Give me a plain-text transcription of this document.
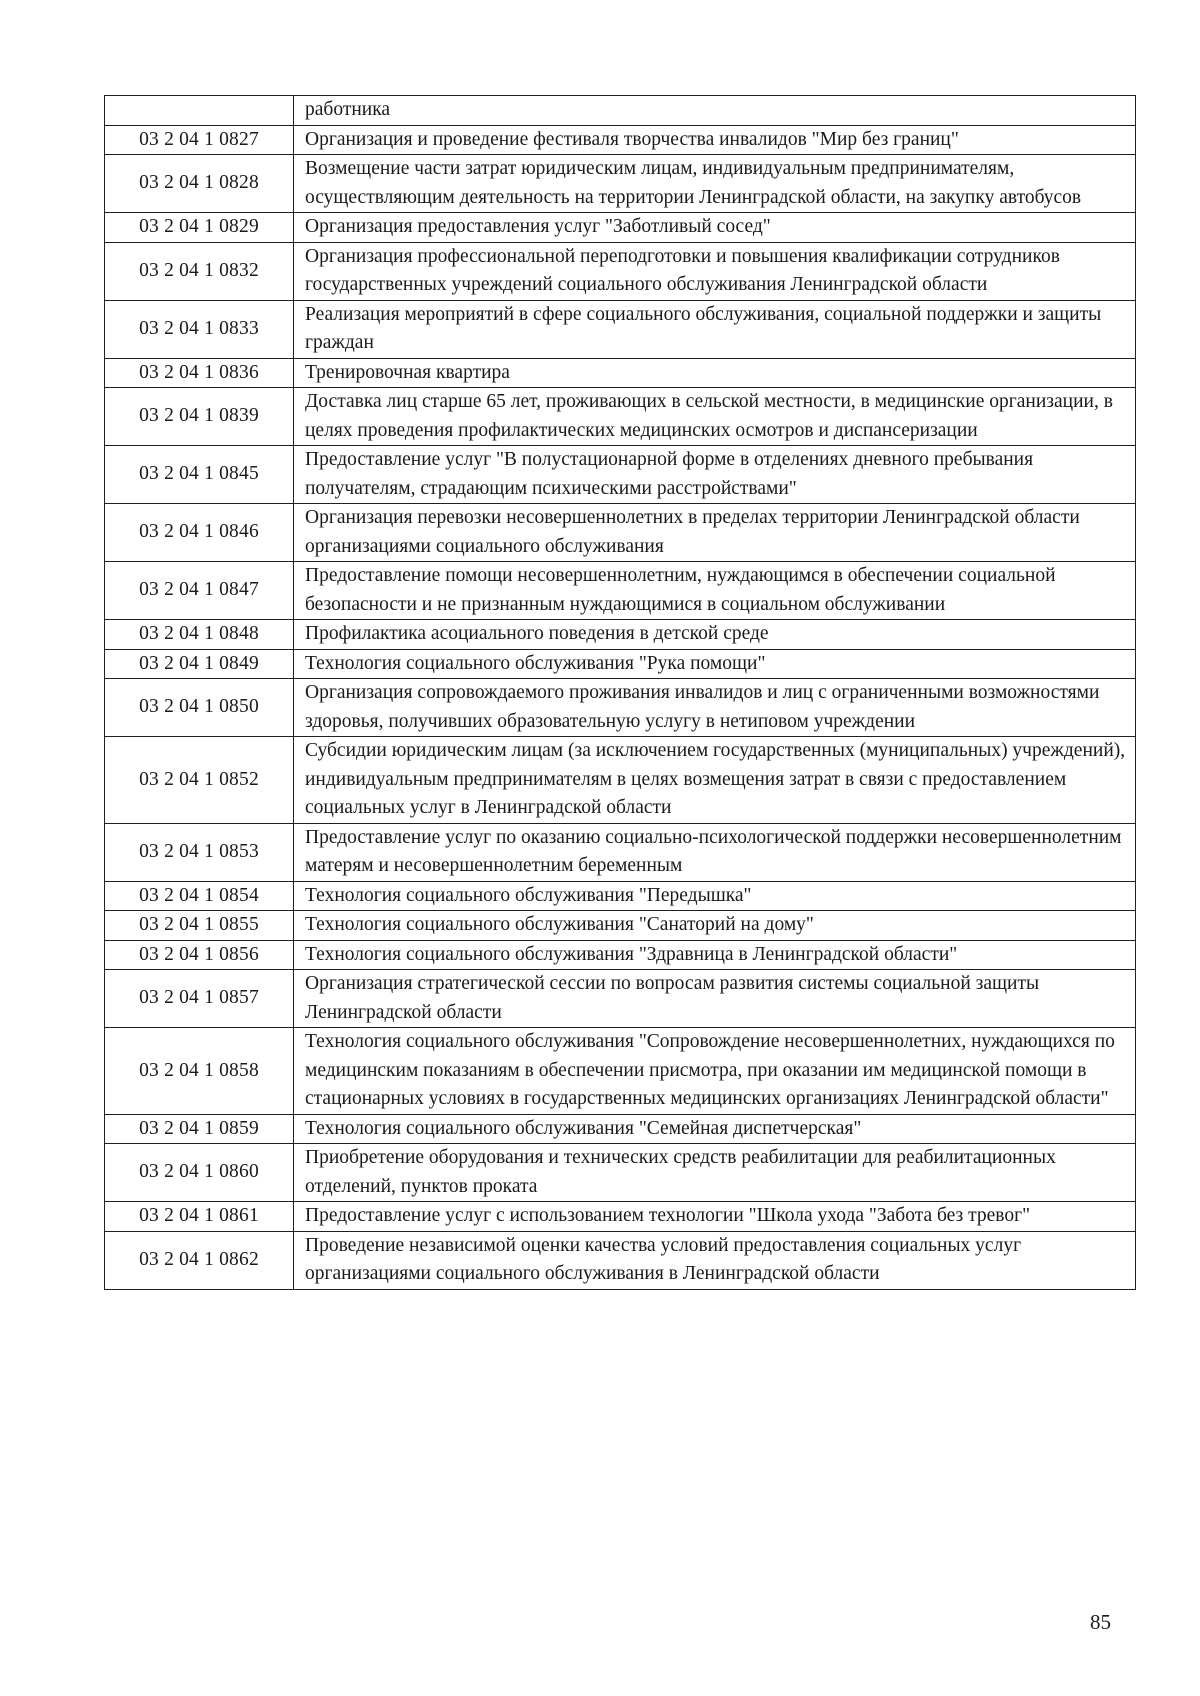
	работника
03 2 04 1 0827	Организация и проведение фестиваля творчества инвалидов "Мир без границ"
03 2 04 1 0828	Возмещение части затрат юридическим лицам, индивидуальным предпринимателям, осуществляющим деятельность на территории Ленинградской области, на закупку автобусов
03 2 04 1 0829	Организация предоставления услуг "Заботливый сосед"
03 2 04 1 0832	Организация профессиональной переподготовки и повышения квалификации сотрудников государственных учреждений социального обслуживания Ленинградской области
03 2 04 1 0833	Реализация мероприятий в сфере социального обслуживания, социальной поддержки и защиты граждан
03 2 04 1 0836	Тренировочная квартира
03 2 04 1 0839	Доставка лиц старше 65 лет, проживающих в сельской местности, в медицинские организации, в целях проведения профилактических медицинских осмотров и диспансеризации
03 2 04 1 0845	Предоставление услуг "В полустационарной форме в отделениях дневного пребывания получателям, страдающим психическими расстройствами"
03 2 04 1 0846	Организация перевозки несовершеннолетних в пределах территории Ленинградской области организациями социального обслуживания
03 2 04 1 0847	Предоставление помощи несовершеннолетним, нуждающимся в обеспечении социальной безопасности и не признанным нуждающимися в социальном обслуживании
03 2 04 1 0848	Профилактика асоциального поведения в детской среде
03 2 04 1 0849	Технология социального обслуживания "Рука помощи"
03 2 04 1 0850	Организация сопровождаемого проживания инвалидов и лиц с ограниченными возможностями здоровья, получивших образовательную услугу в нетиповом учреждении
03 2 04 1 0852	Субсидии юридическим лицам (за исключением государственных (муниципальных) учреждений), индивидуальным предпринимателям в целях возмещения затрат в связи с предоставлением социальных услуг в Ленинградской области
03 2 04 1 0853	Предоставление услуг по оказанию социально-психологической поддержки несовершеннолетним матерям и несовершеннолетним беременным
03 2 04 1 0854	Технология социального обслуживания "Передышка"
03 2 04 1 0855	Технология социального обслуживания "Санаторий на дому"
03 2 04 1 0856	Технология социального обслуживания "Здравница в Ленинградской области"
03 2 04 1 0857	Организация стратегической сессии по вопросам развития системы социальной защиты Ленинградской области
03 2 04 1 0858	Технология социального обслуживания "Сопровождение несовершеннолетних, нуждающихся по медицинским показаниям в обеспечении присмотра, при оказании им медицинской помощи в стационарных условиях в государственных медицинских организациях Ленинградской области"
03 2 04 1 0859	Технология социального обслуживания "Семейная диспетчерская"
03 2 04 1 0860	Приобретение оборудования и технических средств реабилитации для реабилитационных отделений, пунктов проката
03 2 04 1 0861	Предоставление услуг с использованием технологии "Школа ухода "Забота без тревог"
03 2 04 1 0862	Проведение независимой оценки качества условий предоставления социальных услуг организациями социального обслуживания в Ленинградской области
85
